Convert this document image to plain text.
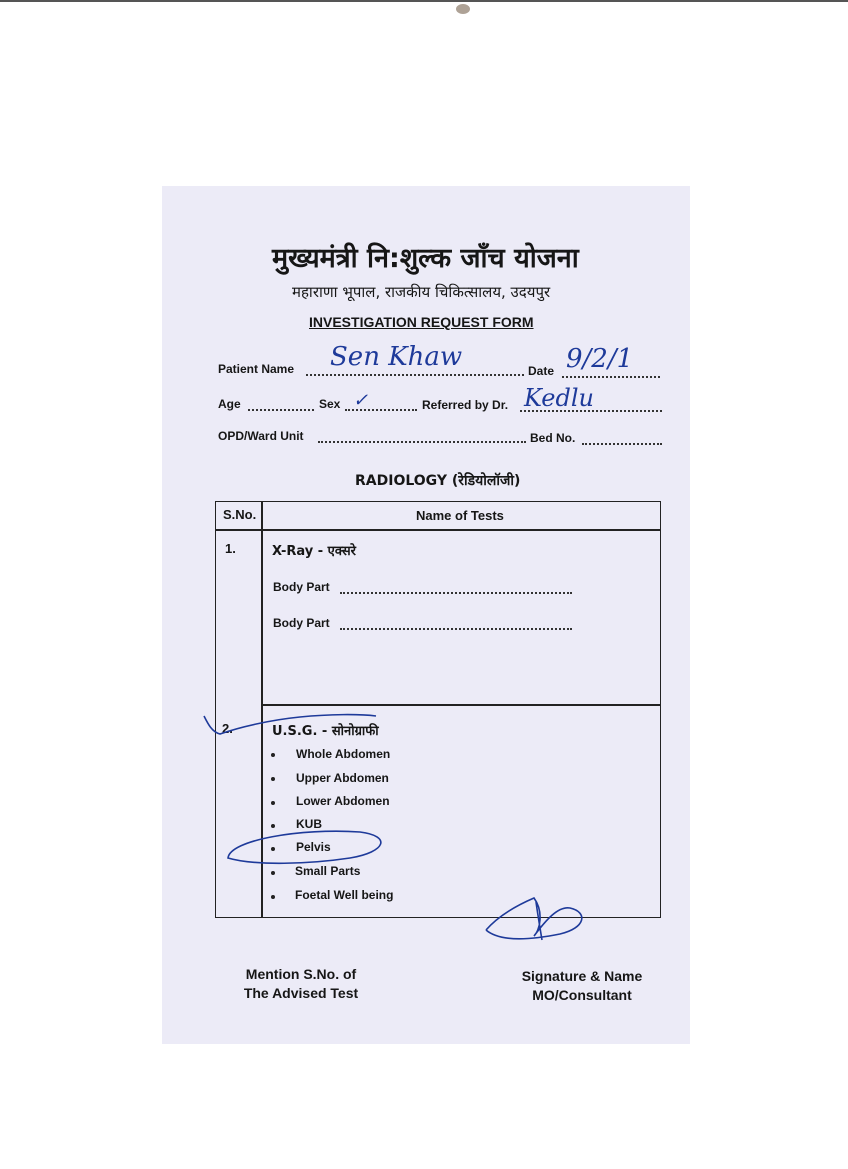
मुख्यमंत्री नि:शुल्क जाँच योजना
महाराणा भूपाल, राजकीय चिकित्सालय, उदयपुर
INVESTIGATION REQUEST FORM
Patient Name Sen Khaw	Date 9/2/1
Age	Sex ✓	Referred by Dr. Kedlu
OPD/Ward Unit	Bed No.
RADIOLOGY (रेडियोलॉजी)
S.No.	Name of Tests
1.	X-Ray - एक्सरे
Body Part
Body Part
2.	U.S.G. - सोनोग्राफी
Whole Abdomen
Upper Abdomen
Lower Abdomen
KUB
Pelvis
Small Parts
Foetal Well being
Mention S.No. of
The Advised Test
Signature & Name
MO/Consultant
